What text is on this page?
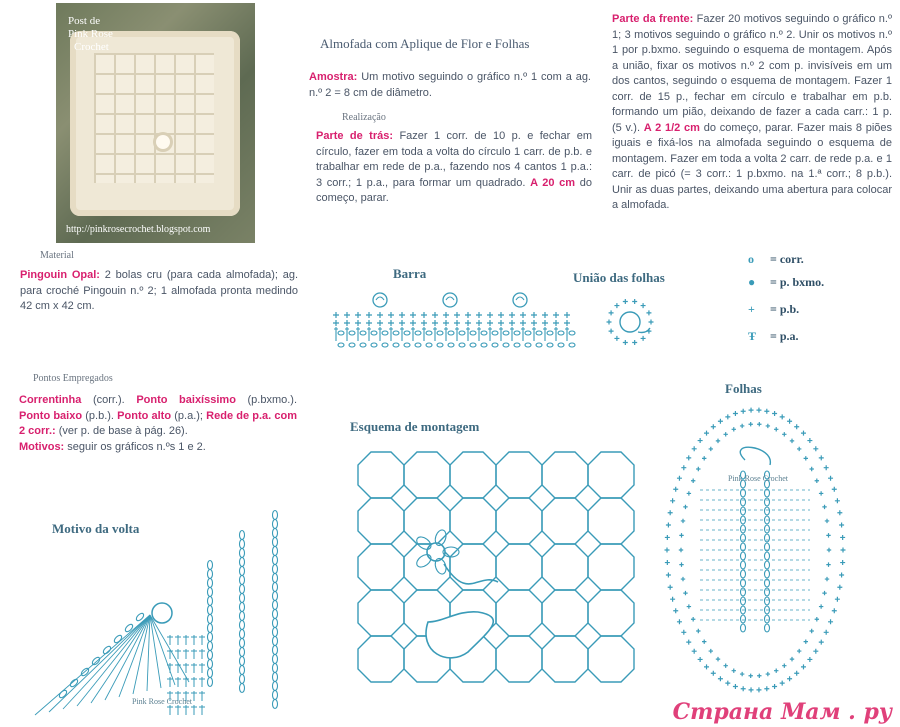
Post de
Pink Rose
Crochet
http://pinkrosecrochet.blogspot.com
Almofada com Aplique de Flor e Folhas
Amostra: Um motivo seguindo o gráfico n.º 1 com a ag. n.º 2 = 8 cm de diâmetro.
Realização
Parte de trás: Fazer 1 corr. de 10 p. e fechar em círculo, fazer em toda a volta do círculo 1 carr. de p.b. e trabalhar em rede de p.a., fazendo nos 4 cantos 1 p.a.: 3 corr.; 1 p.a., para formar um quadrado. A 20 cm do começo, parar.
Parte da frente: Fazer 20 motivos seguindo o gráfico n.º 1; 3 motivos seguindo o gráfico n.º 2. Unir os motivos n.º 1 por p.bxmo. seguindo o esquema de montagem. Após a união, fixar os motivos n.º 2 com p. invisíveis em um dos cantos, seguindo o esquema de montagem. Fazer 1 corr. de 15 p., fechar em círculo e trabalhar em p.b. formando um pião, deixando de fazer a cada carr.: 1 p. (5 v.). A 2 1/2 cm do começo, parar. Fazer mais 8 piões iguais e fixá-los na almofada seguindo o esquema de montagem. Fazer em toda a volta 2 carr. de rede p.a. e 1 carr. de picó (= 3 corr.: 1 p.bxmo. na 1.ª corr.; 8 p.b.). Unir as duas partes, deixando uma abertura para colocar a almofada.
Material
Pingouin Opal: 2 bolas cru (para cada almofada); ag. para croché Pingouin n.º 2; 1 almofada pronta medindo 42 cm x 42 cm.
Pontos Empregados
Correntinha (corr.). Ponto baixíssimo (p.bxmo.). Ponto baixo (p.b.). Ponto alto (p.a.); Rede de p.a. com 2 corr.: (ver p. de base à pág. 26).
Motivos: seguir os gráficos n.ºs 1 e 2.
Barra	União das folhas
Esquema de montagem
Folhas
Motivo da volta
o = corr.
● = p. bxmo.
+ = p.b.
Ŧ = p.a.
Pink Rose Crochet
Pink Rose Crochet	Страна Мам . ру
